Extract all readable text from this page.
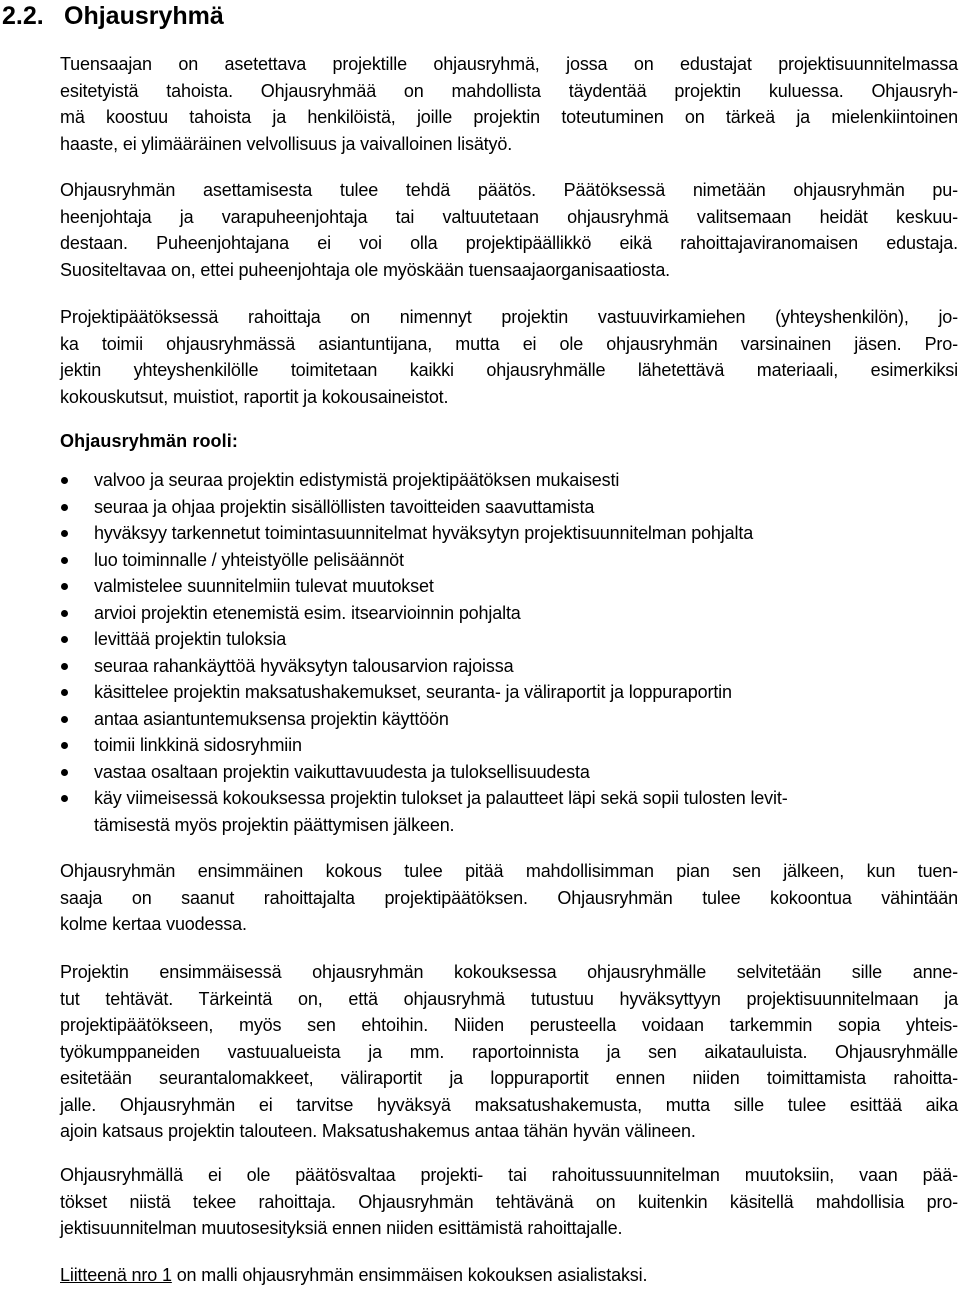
2.2. Ohjausryhmä
Tuensaajan on asetettava projektille ohjausryhmä, jossa on edustajat projektisuunnitelmassa
esitetyistä tahoista. Ohjausryhmää on mahdollista täydentää projektin kuluessa. Ohjausryh-
mä koostuu tahoista ja henkilöistä, joille projektin toteutuminen on tärkeä ja mielenkiintoinen
haaste, ei ylimääräinen velvollisuus ja vaivalloinen lisätyö.
Ohjausryhmän asettamisesta tulee tehdä päätös. Päätöksessä nimetään ohjausryhmän pu-
heenjohtaja ja varapuheenjohtaja tai valtuutetaan ohjausryhmä valitsemaan heidät keskuu-
destaan. Puheenjohtajana ei voi olla projektipäällikkö eikä rahoittajaviranomaisen edustaja.
Suositeltavaa on, ettei puheenjohtaja ole myöskään tuensaajaorganisaatiosta.
Projektipäätöksessä rahoittaja on nimennyt projektin vastuuvirkamiehen (yhteyshenkilön), jo-
ka toimii ohjausryhmässä asiantuntijana, mutta ei ole ohjausryhmän varsinainen jäsen. Pro-
jektin yhteyshenkilölle toimitetaan kaikki ohjausryhmälle lähetettävä materiaali, esimerkiksi
kokouskutsut, muistiot, raportit ja kokousaineistot.
Ohjausryhmän rooli:
valvoo ja seuraa projektin edistymistä projektipäätöksen mukaisesti
seuraa ja ohjaa projektin sisällöllisten tavoitteiden saavuttamista
hyväksyy tarkennetut toimintasuunnitelmat hyväksytyn projektisuunnitelman pohjalta
luo toiminnalle / yhteistyölle pelisäännöt
valmistelee suunnitelmiin tulevat muutokset
arvioi projektin etenemistä esim. itsearvioinnin pohjalta
levittää projektin tuloksia
seuraa rahankäyttöä hyväksytyn talousarvion rajoissa
käsittelee projektin maksatushakemukset, seuranta- ja väliraportit ja loppuraportin
antaa asiantuntemuksensa projektin käyttöön
toimii linkkinä sidosryhmiin
vastaa osaltaan projektin vaikuttavuudesta ja tuloksellisuudesta
käy viimeisessä kokouksessa projektin tulokset ja palautteet läpi sekä sopii tulosten levit-
tämisestä myös projektin päättymisen jälkeen.
Ohjausryhmän ensimmäinen kokous tulee pitää mahdollisimman pian sen jälkeen, kun tuen-
saaja on saanut rahoittajalta projektipäätöksen. Ohjausryhmän tulee kokoontua vähintään
kolme kertaa vuodessa.
Projektin ensimmäisessä ohjausryhmän kokouksessa ohjausryhmälle selvitetään sille anne-
tut tehtävät. Tärkeintä on, että ohjausryhmä tutustuu hyväksyttyyn projektisuunnitelmaan ja
projektipäätökseen, myös sen ehtoihin. Niiden perusteella voidaan tarkemmin sopia yhteis-
työkumppaneiden vastuualueista ja mm. raportoinnista ja sen aikatauluista. Ohjausryhmälle
esitetään seurantalomakkeet, väliraportit ja loppuraportit ennen niiden toimittamista rahoitta-
jalle. Ohjausryhmän ei tarvitse hyväksyä maksatushakemusta, mutta sille tulee esittää aika
ajoin katsaus projektin talouteen. Maksatushakemus antaa tähän hyvän välineen.
Ohjausryhmällä ei ole päätösvaltaa projekti- tai rahoitussuunnitelman muutoksiin, vaan pää-
tökset niistä tekee rahoittaja. Ohjausryhmän tehtävänä on kuitenkin käsitellä mahdollisia pro-
jektisuunnitelman muutosesityksiä ennen niiden esittämistä rahoittajalle.
Liitteenä nro 1 on malli ohjausryhmän ensimmäisen kokouksen asialistaksi.
